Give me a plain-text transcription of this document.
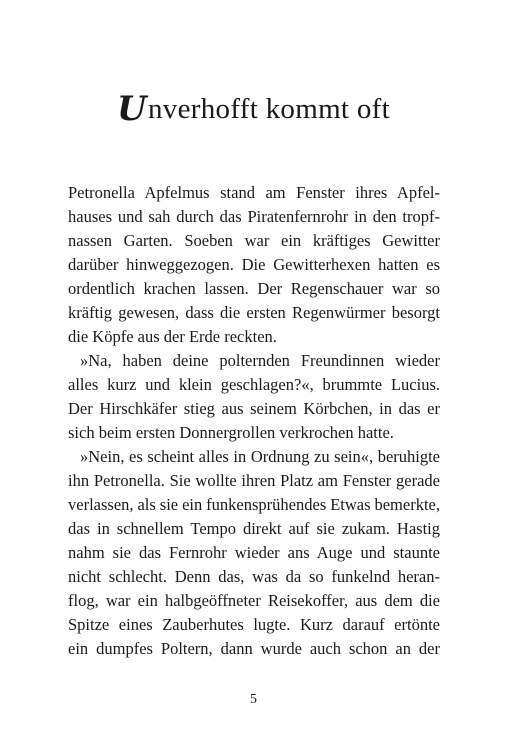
Unverhofft kommt oft
Petronella Apfelmus stand am Fenster ihres Apfel-
hauses und sah durch das Piratenfernrohr in den tropf-
nassen Garten. Soeben war ein kräftiges Gewitter
darüber hinweggezogen. Die Gewitterhexen hatten es
ordentlich krachen lassen. Der Regenschauer war so
kräftig gewesen, dass die ersten Regenwürmer besorgt
die Köpfe aus der Erde reckten.
»Na, haben deine polternden Freundinnen wieder
alles kurz und klein geschlagen?«, brummte Lucius.
Der Hirschkäfer stieg aus seinem Körbchen, in das er
sich beim ersten Donnergrollen verkrochen hatte.
»Nein, es scheint alles in Ordnung zu sein«, beruhigte
ihn Petronella. Sie wollte ihren Platz am Fenster gerade
verlassen, als sie ein funkensprühendes Etwas bemerkte,
das in schnellem Tempo direkt auf sie zukam. Hastig
nahm sie das Fernrohr wieder ans Auge und staunte
nicht schlecht. Denn das, was da so funkelnd heran-
flog, war ein halbgeöffneter Reisekoffer, aus dem die
Spitze eines Zauberhutes lugte. Kurz darauf ertönte
ein dumpfes Poltern, dann wurde auch schon an der
5
